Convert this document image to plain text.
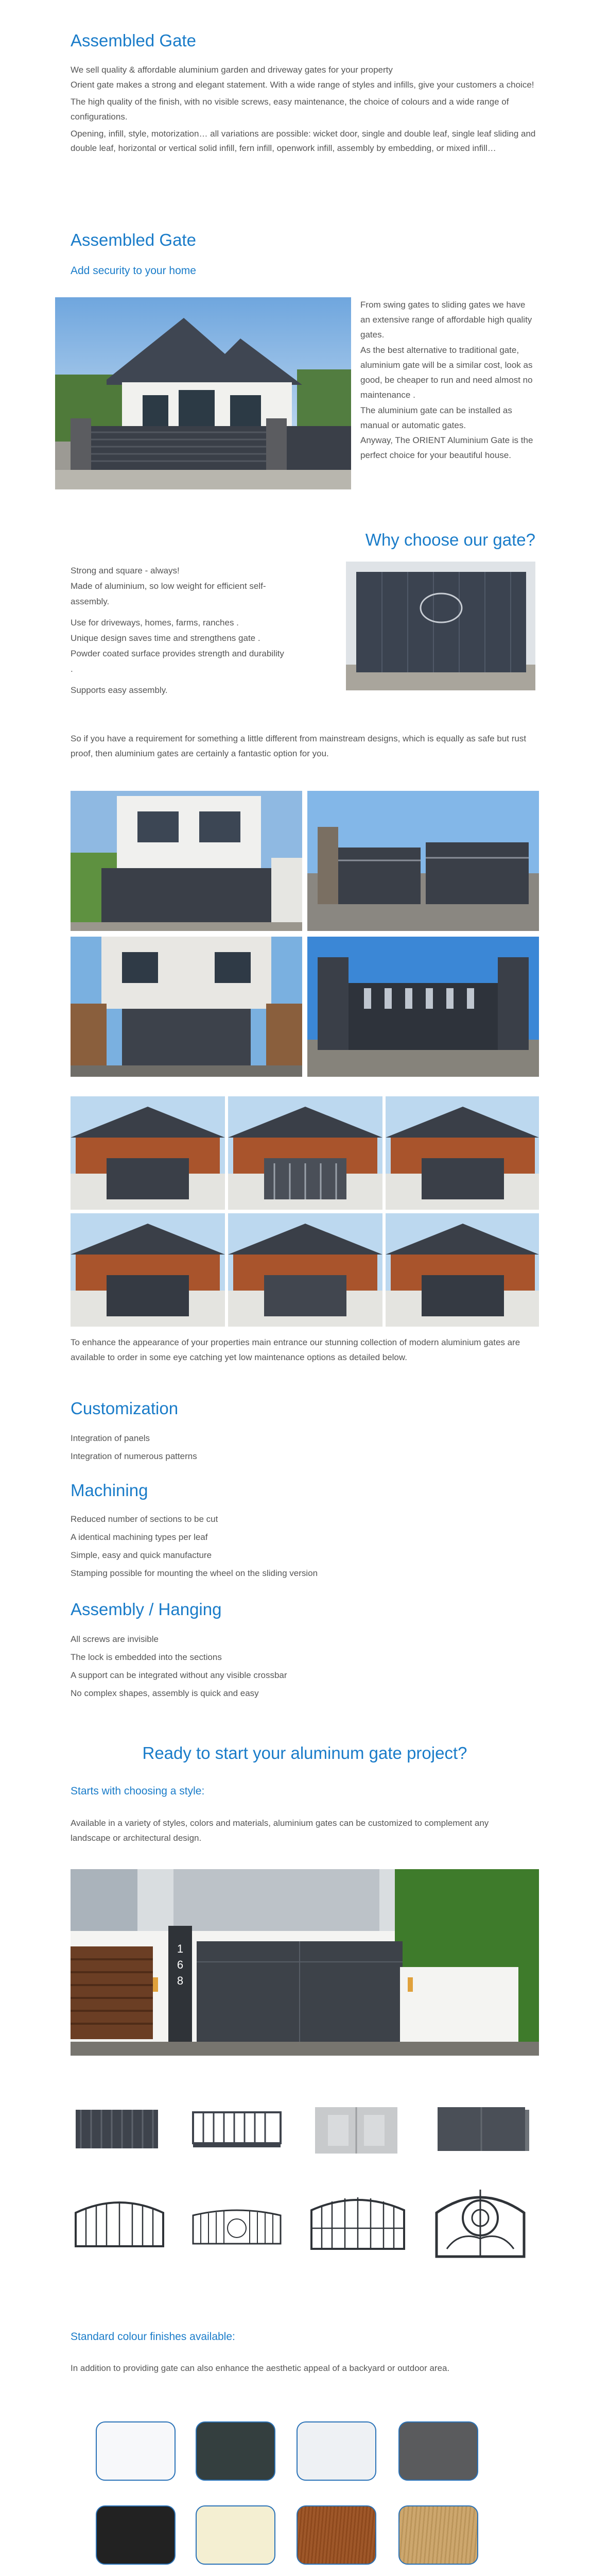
Assembled Gate

We sell quality & affordable aluminium garden and driveway gates for your property

Orient gate makes a strong and elegant statement. With a wide range of styles and infills, give your customers a choice!

The high quality of the finish, with no visible screws, easy maintenance, the choice of colours and a wide range of configurations.

Opening, infill, style, motorization… all variations are possible: wicket door, single and double leaf, single leaf sliding and double leaf, horizontal or vertical solid infill, fern infill, openwork infill, assembly by embedding, or mixed infill…

Assembled Gate
Add security to your home

From swing gates to sliding gates we have an extensive range of affordable high quality gates.

As the best alternative to traditional gate, aluminium gate will be a similar cost, look as good, be cheaper to run and need almost no maintenance .

The aluminium gate can be installed as manual or automatic gates.

Anyway, The ORIENT Aluminium Gate is the perfect choice for your beautiful house.

Why choose our gate?

Strong and square - always!

Made of aluminium, so low weight for efficient self-assembly.

Use for driveways, homes, farms, ranches .

Unique design saves time and strengthens gate .

Powder coated surface provides strength and durability .

Supports easy assembly.

So if you have a requirement for something a little different from mainstream designs, which is equally as safe but rust proof, then aluminium gates are certainly a fantastic option for you.

To enhance the appearance of your properties main entrance our stunning collection of modern aluminium gates are available to order in some eye catching yet low maintenance options as detailed below.

Customization

Integration of panels

Integration of numerous patterns

Machining

Reduced number of sections to be cut

A identical machining types per leaf

Simple, easy and quick manufacture

Stamping possible for mounting the wheel on the sliding version

Assembly / Hanging

All screws are invisible

The lock is embedded into the sections

A support can be integrated without any visible crossbar

No complex shapes, assembly is quick and easy

Ready to start your aluminum gate project?
Starts with choosing a style:

Available in a variety of styles, colors and materials, aluminium gates can be customized to complement any landscape or architectural design.

1 6 8
Standard colour finishes available:

In addition to providing gate can also enhance the aesthetic appeal of a backyard or outdoor area.
